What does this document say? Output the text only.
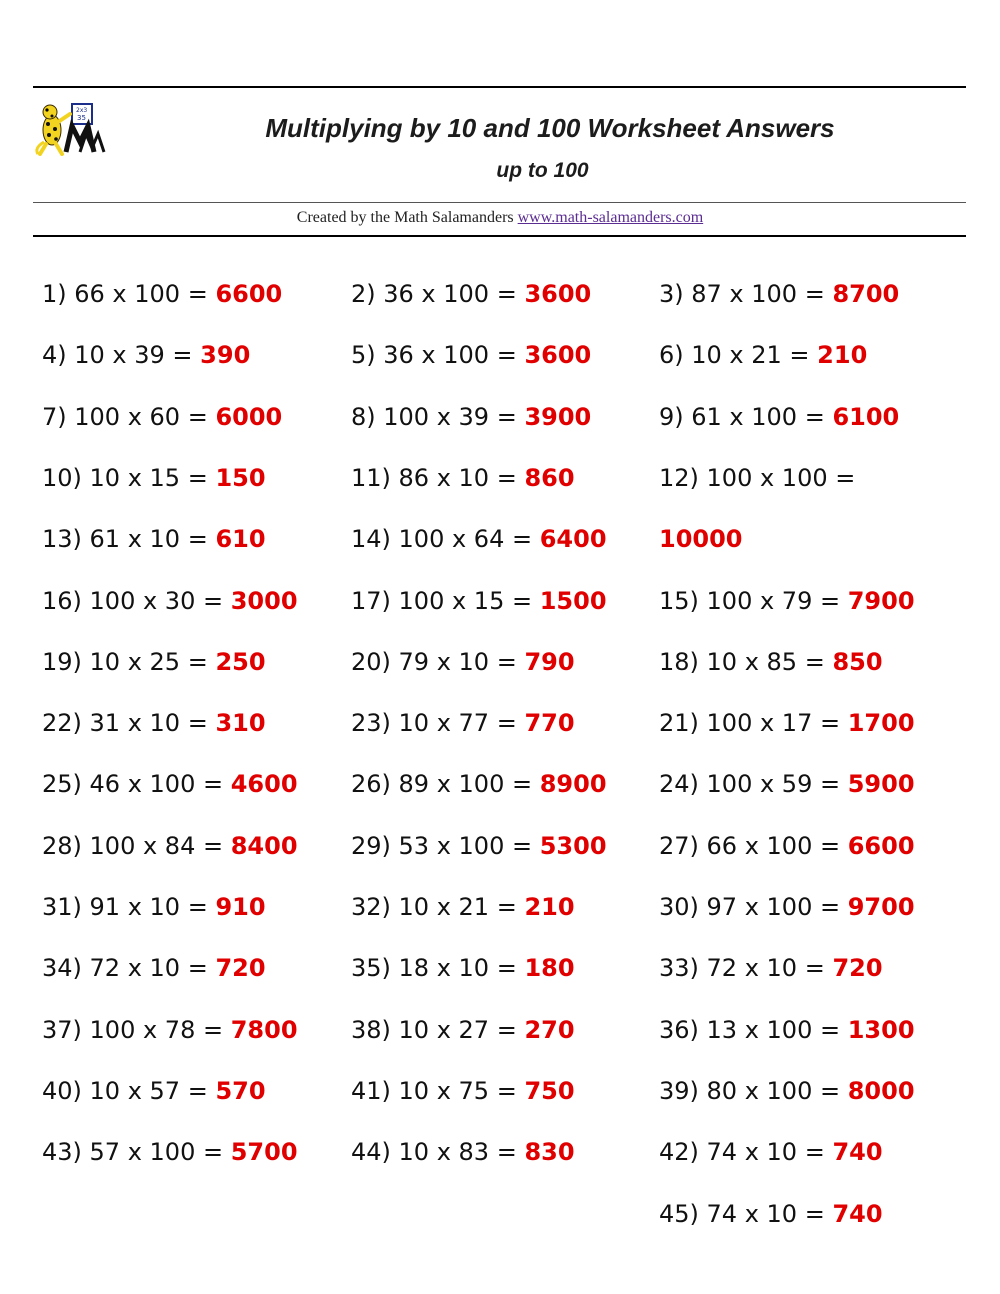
2x3
35	Multiplying by 10 and 100 Worksheet Answers
up to 100
Created by the Math Salamanders www.math-salamanders.com
1) 66 x 100 = 6600	2) 36 x 100 = 3600	3) 87 x 100 = 8700
4) 10 x 39 = 390	5) 36 x 100 = 3600	6) 10 x 21 = 210
7) 100 x 60 = 6000	8) 100 x 39 = 3900	9) 61 x 100 = 6100
10) 10 x 15 = 150	11) 86 x 10 = 860	12) 100 x 100 =
10000
13) 61 x 10 = 610	14) 100 x 64 = 6400
16) 100 x 30 = 3000 17) 100 x 15 = 1500 15) 100 x 79 = 7900
19) 10 x 25 = 250	20) 79 x 10 = 790	18) 10 x 85 = 850
22) 31 x 10 = 310	23) 10 x 77 = 770	21) 100 x 17 = 1700
25) 46 x 100 = 4600 26) 89 x 100 = 8900 24) 100 x 59 = 5900
28) 100 x 84 = 8400 29) 53 x 100 = 5300 27) 66 x 100 = 6600
31) 91 x 10 = 910	32) 10 x 21 = 210	30) 97 x 100 = 9700
34) 72 x 10 = 720	35) 18 x 10 = 180	33) 72 x 10 = 720
37) 100 x 78 = 7800 38) 10 x 27 = 270	36) 13 x 100 = 1300
40) 10 x 57 = 570	41) 10 x 75 = 750	39) 80 x 100 = 8000
43) 57 x 100 = 5700 44) 10 x 83 = 830	42) 74 x 10 = 740
45) 74 x 10 = 740
